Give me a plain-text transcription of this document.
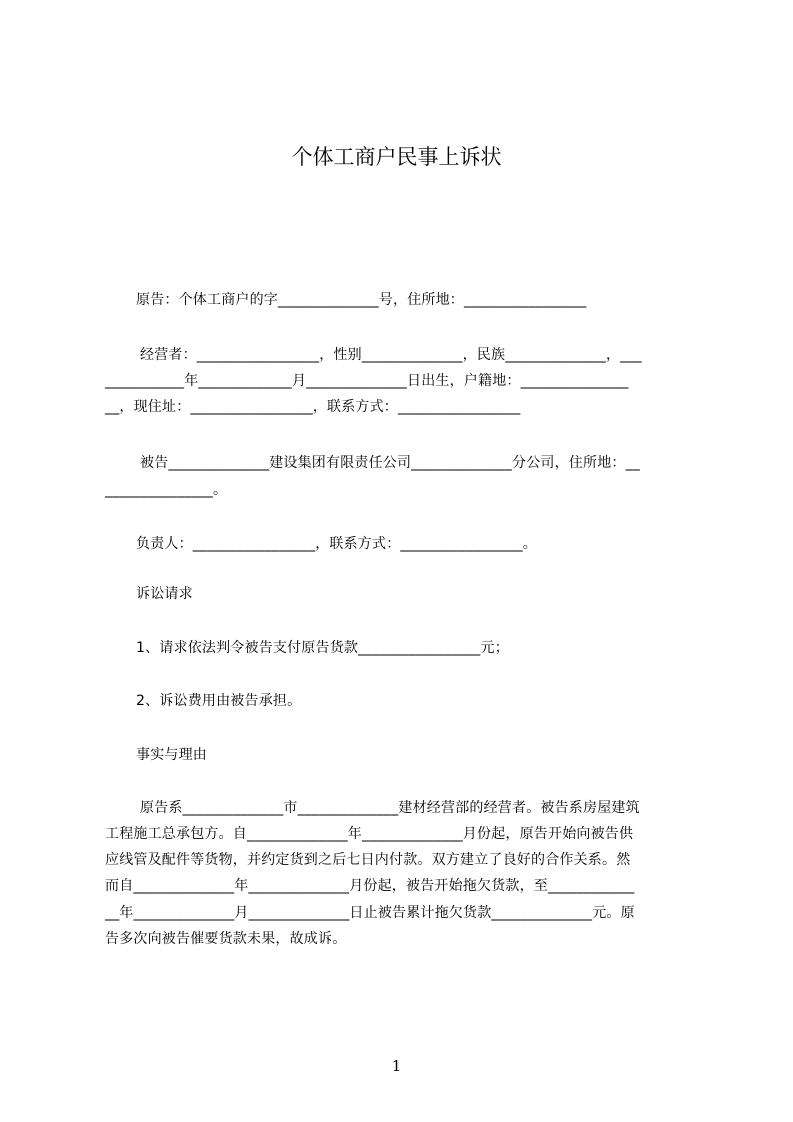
个体工商户民事上诉状
原告：个体工商户的字______________号，住所地：_________________
经营者：_________________，性别______________，民族______________，___
___________年_____________月______________日出生，户籍地：_______________
__，现住址：_________________，联系方式：_________________
被告______________建设集团有限责任公司______________分公司，住所地：__
_______________。
负责人：_________________，联系方式：_________________。
诉讼请求
1、请求依法判令被告支付原告货款_________________元；
2、诉讼费用由被告承担。
事实与理由
原告系______________市______________建材经营部的经营者。被告系房屋建筑
工程施工总承包方。自______________年______________月份起，原告开始向被告供
应线管及配件等货物，并约定货到之后七日内付款。双方建立了良好的合作关系。然
而自______________年______________月份起，被告开始拖欠货款，至____________
__年______________月______________日止被告累计拖欠货款______________元。原
告多次向被告催要货款未果，故成诉。
1
